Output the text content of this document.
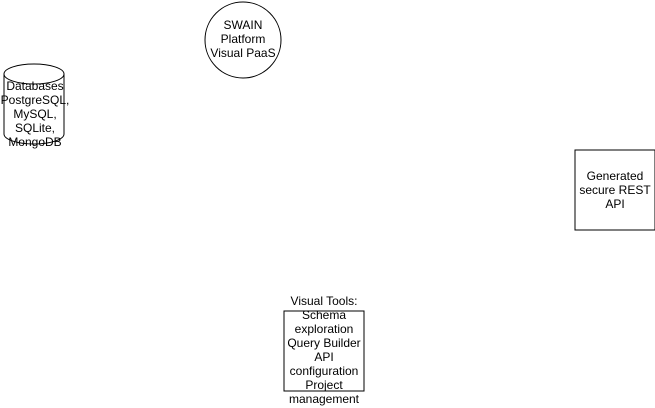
SWAIN
Platform
Visual PaaS
Databases
PostgreSQL,
MySQL,
SQLite,
MongoDB
Generated
secure REST
API
Visual Tools:
Schema
exploration
Query Builder
API
configuration
Project
management
